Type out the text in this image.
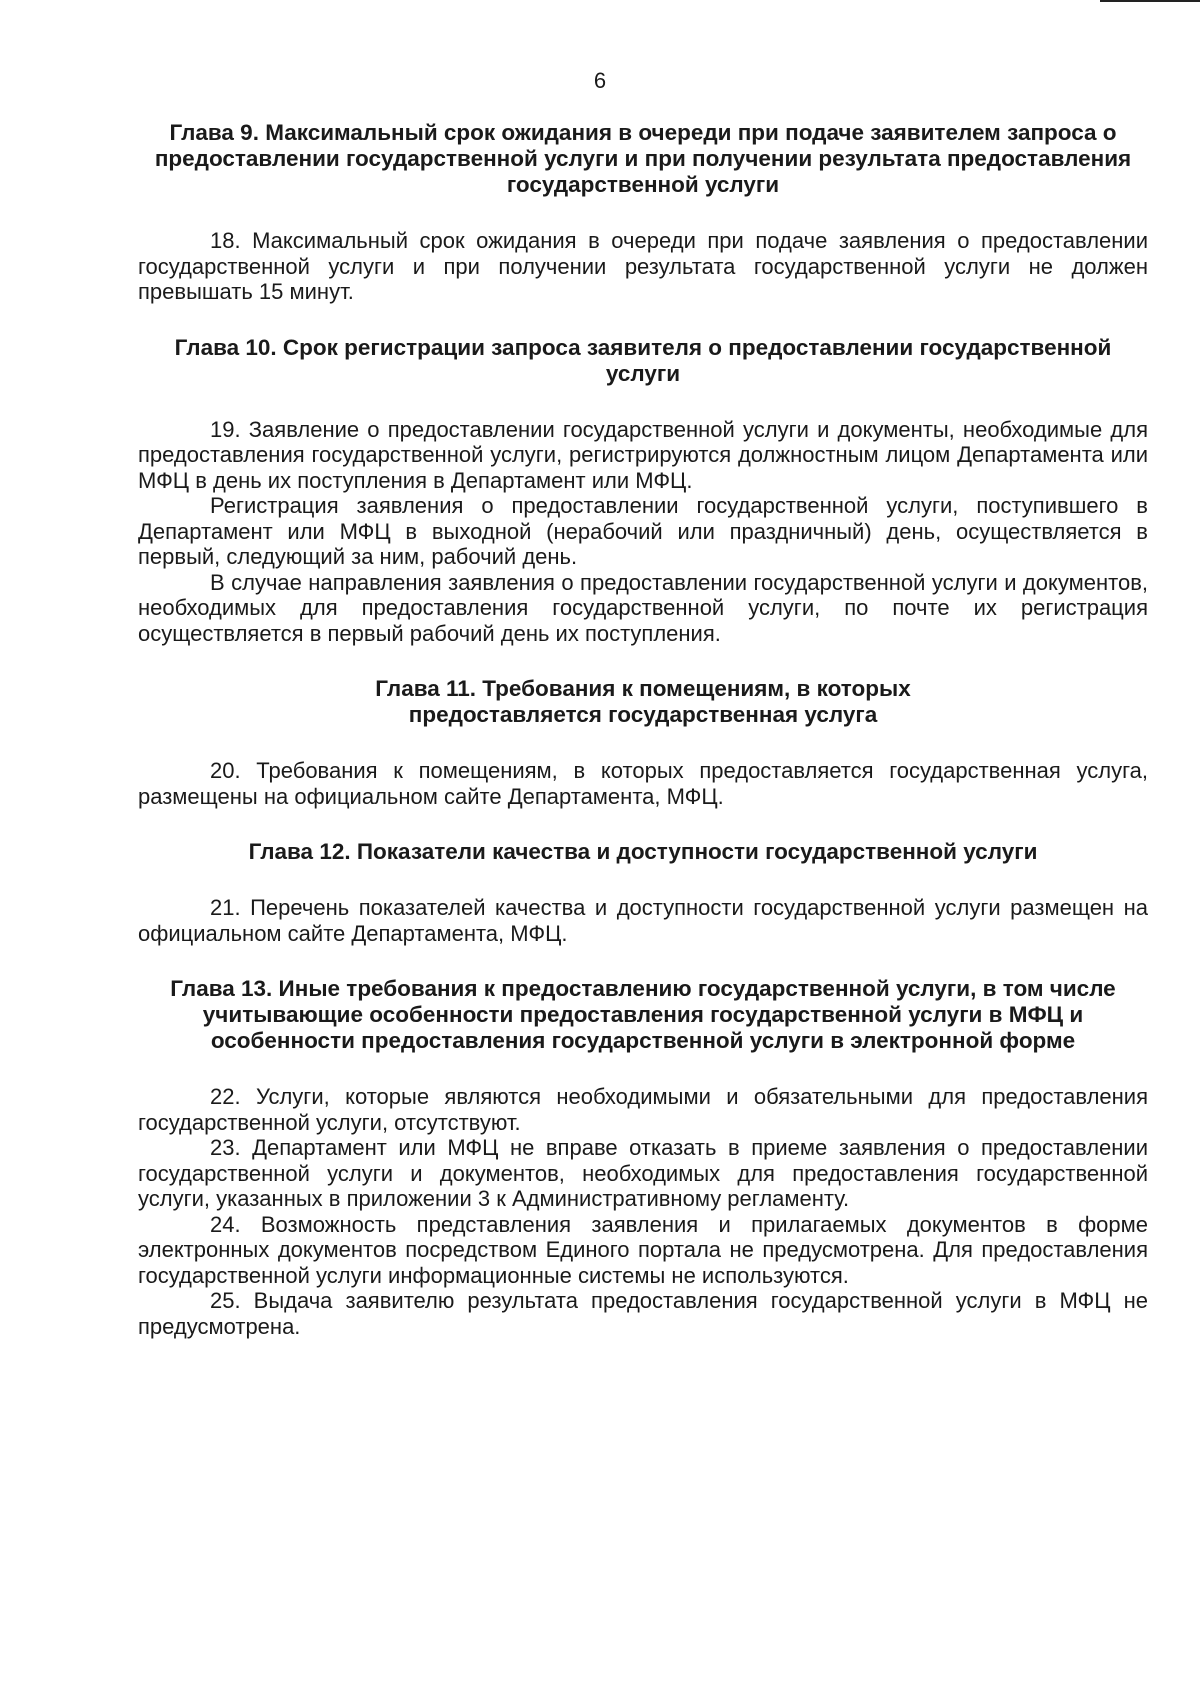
6

Глава 9. Максимальный срок ожидания в очереди при подаче заявителем запроса о предоставлении государственной услуги и при получении результата предоставления государственной услуги

18. Максимальный срок ожидания в очереди при подаче заявления о предоставлении государственной услуги и при получении результата государственной услуги не должен превышать 15 минут.

Глава 10. Срок регистрации запроса заявителя о предоставлении государственной услуги

19. Заявление о предоставлении государственной услуги и документы, необходимые для предоставления государственной услуги, регистрируются должностным лицом Департамента или МФЦ в день их поступления в Департамент или МФЦ.

Регистрация заявления о предоставлении государственной услуги, поступившего в Департамент или МФЦ в выходной (нерабочий или праздничный) день, осуществляется в первый, следующий за ним, рабочий день.

В случае направления заявления о предоставлении государственной услуги и документов, необходимых для предоставления государственной услуги, по почте их регистрация осуществляется в первый рабочий день их поступления.

Глава 11. Требования к помещениям, в которых предоставляется государственная услуга

20. Требования к помещениям, в которых предоставляется государственная услуга, размещены на официальном сайте Департамента, МФЦ.

Глава 12. Показатели качества и доступности государственной услуги

21. Перечень показателей качества и доступности государственной услуги размещен на официальном сайте Департамента, МФЦ.

Глава 13. Иные требования к предоставлению государственной услуги, в том числе учитывающие особенности предоставления государственной услуги в МФЦ и особенности предоставления государственной услуги в электронной форме

22. Услуги, которые являются необходимыми и обязательными для предоставления государственной услуги, отсутствуют.

23. Департамент или МФЦ не вправе отказать в приеме заявления о предоставлении государственной услуги и документов, необходимых для предоставления государственной услуги, указанных в приложении 3 к Административному регламенту.

24. Возможность представления заявления и прилагаемых документов в форме электронных документов посредством Единого портала не предусмотрена. Для предоставления государственной услуги информационные системы не используются.

25. Выдача заявителю результата предоставления государственной услуги в МФЦ не предусмотрена.
